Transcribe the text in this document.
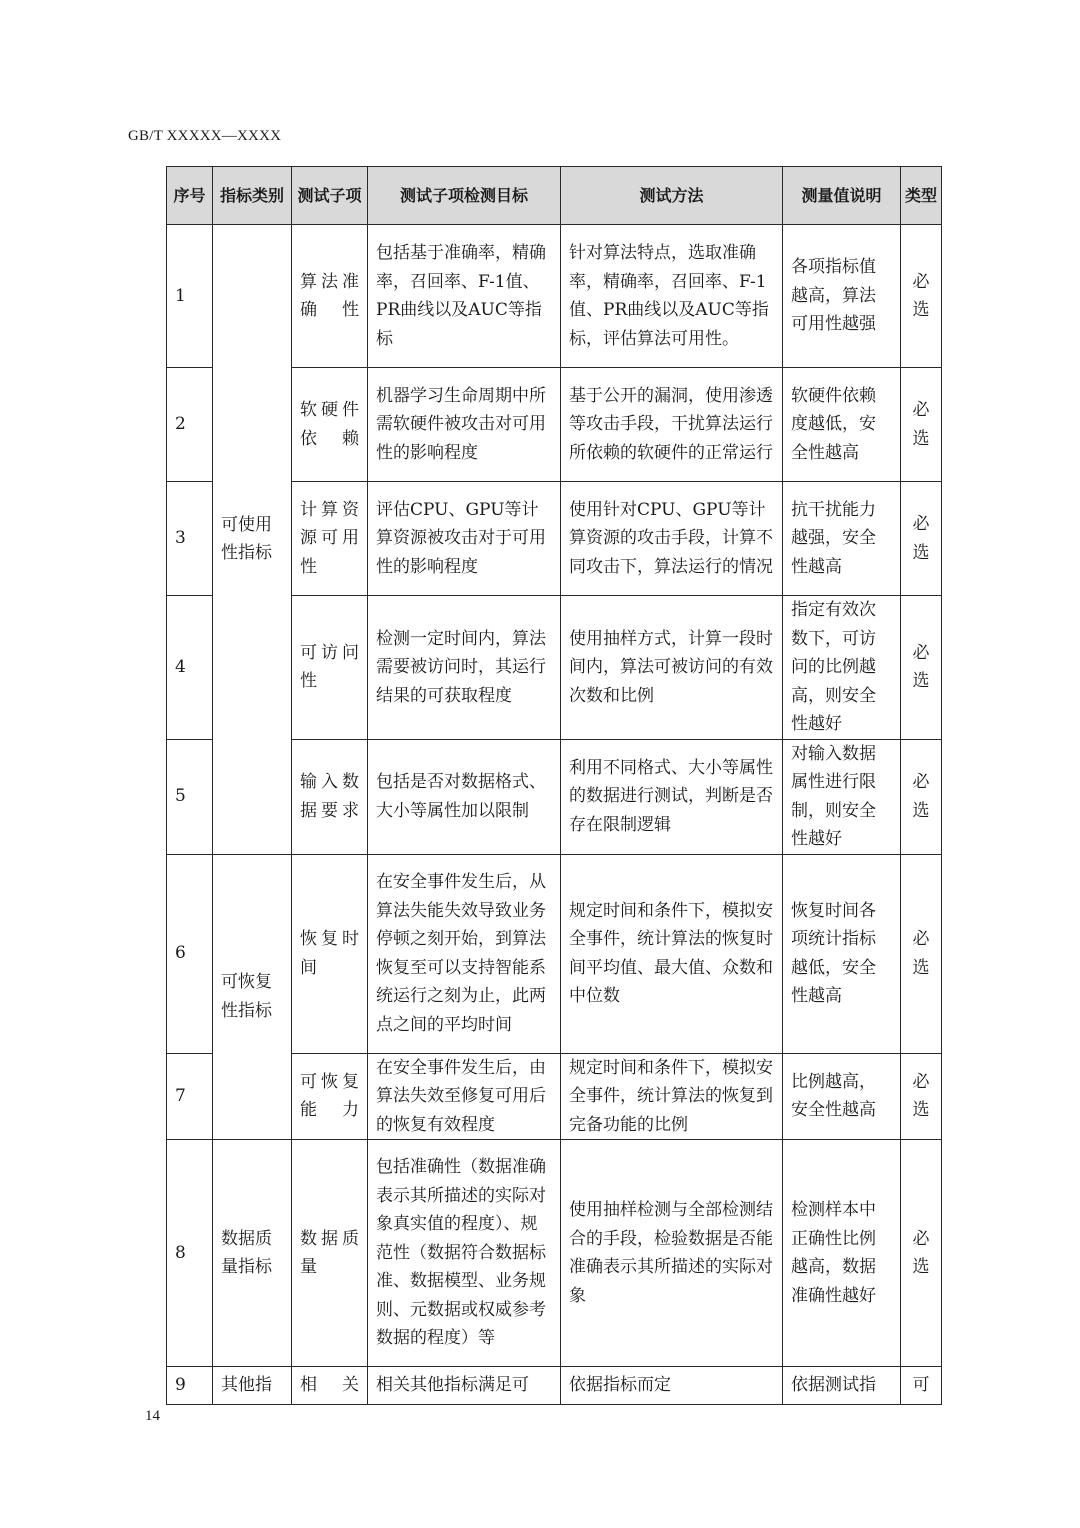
GB/T XXXXX—XXXX
序号	指标类别	测试子项	测试子项检测目标	测试方法	测量值说明	类型
1	可使用性指标	算法准确性	包括基于准确率，精确率，召回率、F-1值、PR曲线以及AUC等指标	针对算法特点，选取准确率，精确率，召回率、F-1值、PR曲线以及AUC等指标，评估算法可用性。	各项指标值越高，算法可用性越强	必选
2		软硬件依赖	机器学习生命周期中所需软硬件被攻击对可用性的影响程度	基于公开的漏洞，使用渗透等攻击手段，干扰算法运行所依赖的软硬件的正常运行	软硬件依赖度越低，安全性越高	必选
3		计算资源可用性	评估CPU、GPU等计算资源被攻击对于可用性的影响程度	使用针对CPU、GPU等计算资源的攻击手段，计算不同攻击下，算法运行的情况	抗干扰能力越强，安全性越高	必选
4		可访问性	检测一定时间内，算法需要被访问时，其运行结果的可获取程度	使用抽样方式，计算一段时间内，算法可被访问的有效次数和比例	指定有效次数下，可访问的比例越高，则安全性越好	必选
5		输入数据要求	包括是否对数据格式、大小等属性加以限制	利用不同格式、大小等属性的数据进行测试，判断是否存在限制逻辑	对输入数据属性进行限制，则安全性越好	必选
6	可恢复性指标	恢复时间	在安全事件发生后，从算法失能失效导致业务停顿之刻开始，到算法恢复至可以支持智能系统运行之刻为止，此两点之间的平均时间	规定时间和条件下，模拟安全事件，统计算法的恢复时间平均值、最大值、众数和中位数	恢复时间各项统计指标越低，安全性越高	必选
7		可恢复能力	在安全事件发生后，由算法失效至修复可用后的恢复有效程度	规定时间和条件下，模拟安全事件，统计算法的恢复到完备功能的比例	比例越高，安全性越高	必选
8	数据质量指标	数据质量	包括准确性（数据准确表示其所描述的实际对象真实值的程度）、规范性（数据符合数据标准、数据模型、业务规则、元数据或权威参考数据的程度）等	使用抽样检测与全部检测结合的手段，检验数据是否能准确表示其所描述的实际对象	检测样本中正确性比例越高，数据准确性越好	必选
9	其他指	相关	相关其他指标满足可	依据指标而定	依据测试指	可
14
